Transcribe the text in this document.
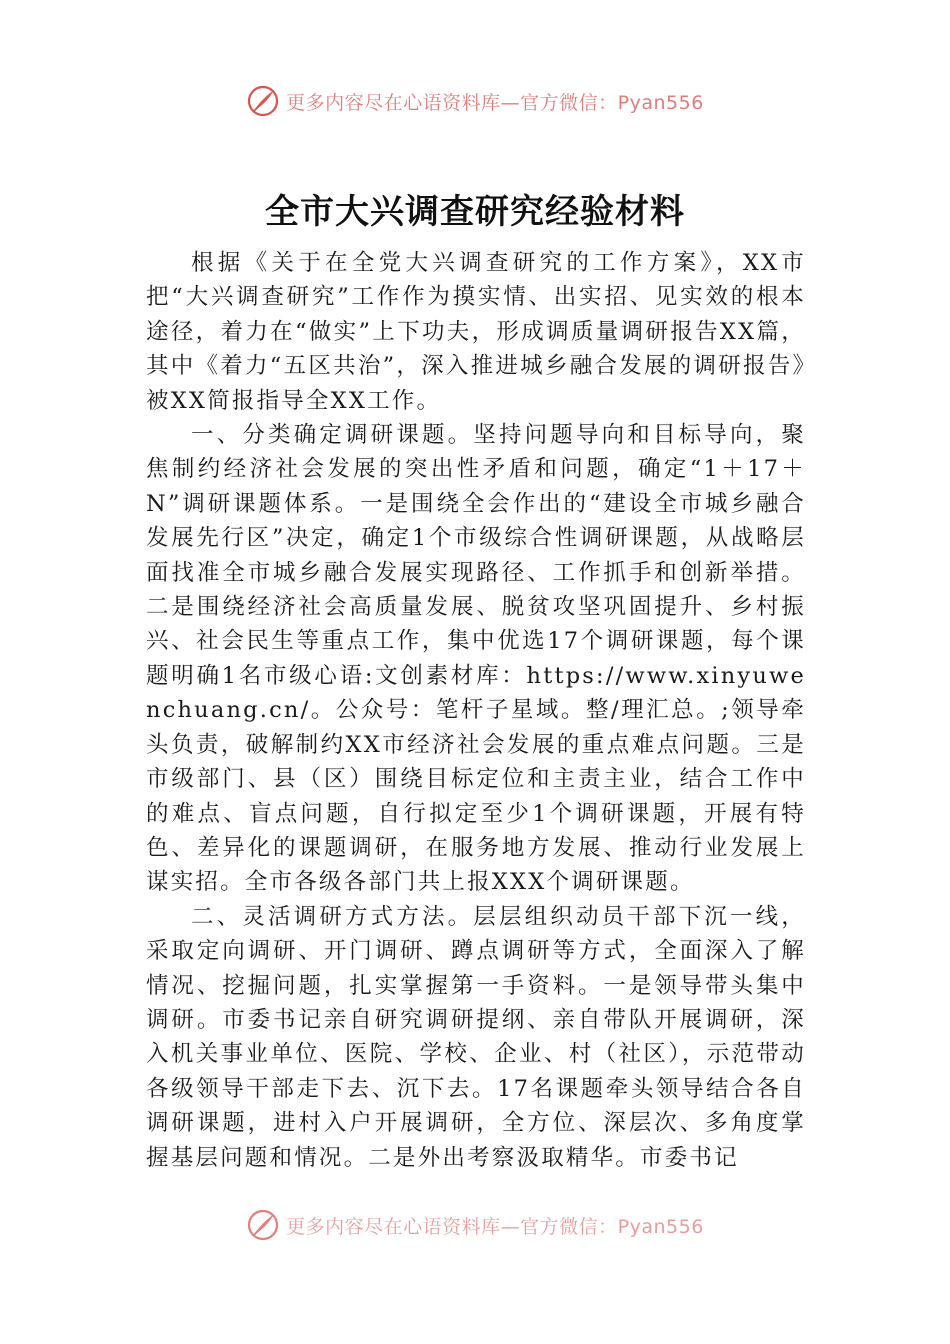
更多内容尽在心语资料库—官方微信：Pyan556
全市大兴调查研究经验材料

根据《关于在全党大兴调查研究的工作方案》，XX市把“大兴调查研究”工作作为摸实情、出实招、见实效的根本途径，着力在“做实”上下功夫，形成调质量调研报告XX篇，其中《着力“五区共治”，深入推进城乡融合发展的调研报告》被XX简报指导全XX工作。

一、分类确定调研课题。坚持问题导向和目标导向，聚焦制约经济社会发展的突出性矛盾和问题，确定“1＋17＋N”调研课题体系。一是围绕全会作出的“建设全市城乡融合发展先行区”决定，确定1个市级综合性调研课题，从战略层面找准全市城乡融合发展实现路径、工作抓手和创新举措。二是围绕经济社会高质量发展、脱贫攻坚巩固提升、乡村振兴、社会民生等重点工作，集中优选17个调研课题，每个课题明确1名市级心语:文创素材库：https://www.xinyuwenchuang.cn/。公众号：笔杆子星域。整/理汇总。;领导牵头负责，破解制约XX市经济社会发展的重点难点问题。三是市级部门、县（区）围绕目标定位和主责主业，结合工作中的难点、盲点问题，自行拟定至少1个调研课题，开展有特色、差异化的课题调研，在服务地方发展、推动行业发展上谋实招。全市各级各部门共上报XXX个调研课题。

二、灵活调研方式方法。层层组织动员干部下沉一线，采取定向调研、开门调研、蹲点调研等方式，全面深入了解情况、挖掘问题，扎实掌握第一手资料。一是领导带头集中调研。市委书记亲自研究调研提纲、亲自带队开展调研，深入机关事业单位、医院、学校、企业、村（社区），示范带动各级领导干部走下去、沉下去。17名课题牵头领导结合各自调研课题，进村入户开展调研，全方位、深层次、多角度掌握基层问题和情况。二是外出考察汲取精华。市委书记

更多内容尽在心语资料库—官方微信：Pyan556
